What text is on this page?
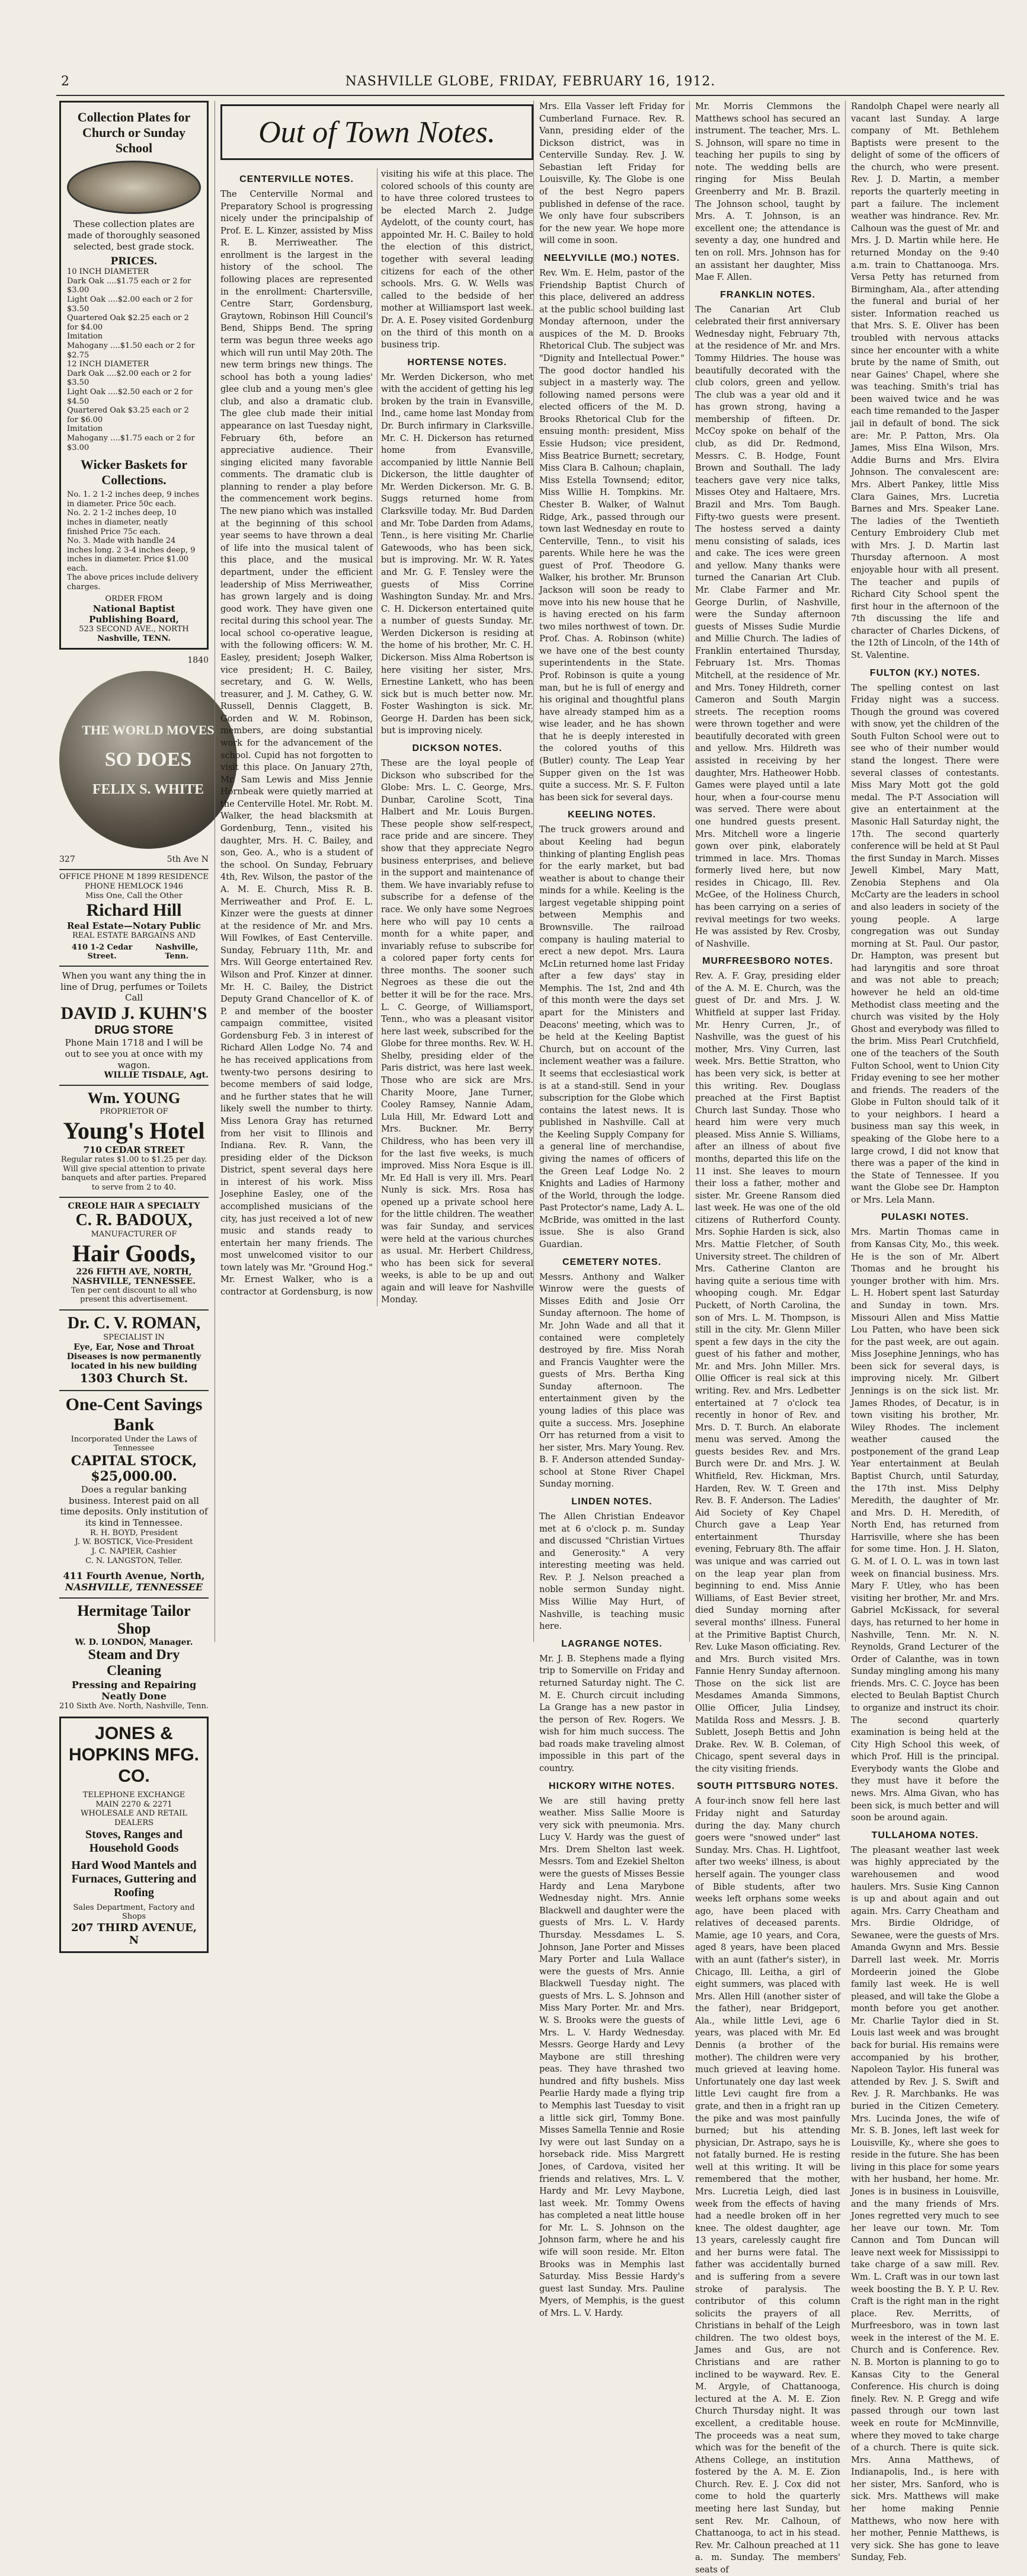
2	NASHVILLE GLOBE, FRIDAY, FEBRUARY 16, 1912.
Collection Plates for Church or Sunday School
These collection plates are made of thoroughly seasoned selected, best grade stock.
PRICES.
10 INCH DIAMETER
Dark Oak ....$1.75 each or 2 for $3.00
Light Oak ....$2.00 each or 2 for $3.50
Quartered Oak $2.25 each or 2 for $4.00
Imitation
Mahogany ....$1.50 each or 2 for $2.75
12 INCH DIAMETER
Dark Oak ....$2.00 each or 2 for $3.50
Light Oak ....$2.50 each or 2 for $4.50
Quartered Oak $3.25 each or 2 for $6.00
Imitation
Mahogany ....$1.75 each or 2 for $3.00
Wicker Baskets for Collections.
No. 1. 2 1-2 inches deep, 9 inches in diameter. Price 50c each.
No. 2. 2 1-2 inches deep, 10 inches in diameter, neatly finished Price 75c each.
No. 3. Made with handle 24 inches long. 2 3-4 inches deep, 9 inches in diameter. Price $1.00 each.
The above prices include delivery charges.
ORDER FROM
National Baptist Publishing Board,
523 SECOND AVE., NORTH
Nashville, TENN.
1840
THE WORLD MOVES
SO DOES
FELIX S. WHITE
327	5th Ave N
OFFICE PHONE M 1899 RESIDENCE PHONE HEMLOCK 1946
Miss One, Call the Other
Richard Hill
Real Estate—Notary Public
REAL ESTATE BARGAINS AND
410 1-2 Cedar Street.
Nashville, Tenn.
When you want any thing the in line of Drug, perfumes or Toilets Call
DAVID J. KUHN'S
DRUG STORE
Phone Main 1718 and I will be out to see you at once with my wagon.
WILLIE TISDALE, Agt.
Wm. YOUNG
PROPRIETOR OF
Young's Hotel
710 CEDAR STREET
Regular rates $1.00 to $1.25 per day. Will give special attention to private banquets and after parties. Prepared to serve from 2 to 40.
CREOLE HAIR A SPECIALTY
C. R. BADOUX,
MANUFACTURER OF
Hair Goods,
226 FIFTH AVE, NORTH,
NASHVILLE, TENNESSEE.
Ten per cent discount to all who present this advertisement.
Dr. C. V. ROMAN,
SPECIALIST IN
Eye, Ear, Nose and Throat Diseases is now permanently located in his new building
1303 Church St.
One-Cent Savings Bank
Incorporated Under the Laws of Tennessee
CAPITAL STOCK, $25,000.00.
Does a regular banking business. Interest paid on all time deposits. Only institution of its kind in Tennessee.
R. H. BOYD, President
J. W. BOSTICK, Vice-President
J. C. NAPIER, Cashier
C. N. LANGSTON, Teller.
411 Fourth Avenue, North,
NASHVILLE, TENNESSEE
Hermitage Tailor Shop
W. D. LONDON, Manager.
Steam and Dry Cleaning
Pressing and Repairing
Neatly Done
210 Sixth Ave. North, Nashville, Tenn.
JONES & HOPKINS MFG. CO.
TELEPHONE EXCHANGE
MAIN 2270 & 2271
WHOLESALE AND RETAIL DEALERS
Stoves, Ranges and Household Goods
Hard Wood Mantels and Furnaces, Guttering and Roofing
Sales Department, Factory and Shops
207 THIRD AVENUE, N
Out of Town Notes.
CENTERVILLE NOTES.

The Centerville Normal and Preparatory School is progressing nicely under the principalship of Prof. E. L. Kinzer, assisted by Miss R. B. Merriweather. The enrollment is the largest in the history of the school. The following places are represented in the enrollment: Chartersville, Centre Starr, Gordensburg, Graytown, Robinson Hill Council's Bend, Shipps Bend. The spring term was begun three weeks ago which will run until May 20th. The new term brings new things. The school has both a young ladies' glee club and a young men's glee club, and also a dramatic club. The glee club made their initial appearance on last Tuesday night, February 6th, before an appreciative audience. Their singing elicited many favorable comments. The dramatic club is planning to render a play before the commencement work begins. The new piano which was installed at the beginning of this school year seems to have thrown a deal of life into the musical talent of this place, and the musical department, under the efficient leadership of Miss Merriweather, has grown largely and is doing good work. They have given one recital during this school year. The local school co-operative league, with the following officers: W. M. Easley, president; Joseph Walker, vice president; H. C. Bailey, secretary, and G. W. Wells, treasurer, and J. M. Cathey, G. W. Russell, Dennis Claggett, B. Gorden and W. M. Robinson, members, are doing substantial work for the advancement of the school. Cupid has not forgotten to visit this place. On January 27th, Mr. Sam Lewis and Miss Jennie Hornbeak were quietly married at the Centerville Hotel. Mr. Robt. M. Walker, the head blacksmith at Gordenburg, Tenn., visited his daughter, Mrs. H. C. Bailey, and son, Geo. A., who is a student of the school. On Sunday, February 4th, Rev. Wilson, the pastor of the A. M. E. Church, Miss R. B. Merriweather and Prof. E. L. Kinzer were the guests at dinner at the residence of Mr. and Mrs. Will Fowlkes, of East Centerville. Sunday, February 11th, Mr. and Mrs. Will George entertained Rev. Wilson and Prof. Kinzer at dinner. Mr. H. C. Bailey, the District Deputy Grand Chancellor of K. of P. and member of the booster campaign committee, visited Gordensburg Feb. 3 in interest of Richard Allen Lodge No. 74 and he has received applications from twenty-two persons desiring to become members of said lodge, and he further states that he will likely swell the number to thirty. Miss Lenora Gray has returned from her visit to Illinois and Indiana. Rev. R. Vann, the presiding elder of the Dickson District, spent several days here in interest of his work. Miss Josephine Easley, one of the accomplished musicians of the city, has just received a lot of new music and stands ready to entertain her many friends. The most unwelcomed visitor to our town lately was Mr. "Ground Hog." Mr. Ernest Walker, who is a contractor at Gordensburg, is now visiting his wife at this place. The colored schools of this county are to have three colored trustees to be elected March 2. Judge Aydelott, of the county court, has appointed Mr. H. C. Bailey to hold the election of this district, together with several leading citizens for each of the other schools. Mrs. G. W. Wells was called to the bedside of her mother at Williamsport last week. Dr. A. E. Posey visited Gordenburg on the third of this month on a business trip.

HORTENSE NOTES.

Mr. Werden Dickerson, who met with the accident of getting his leg broken by the train in Evansville, Ind., came home last Monday from Dr. Burch infirmary in Clarksville. Mr. C. H. Dickerson has returned home from Evansville, accompanied by little Nannie Bell Dickerson, the little daughter of Mr. Werden Dickerson. Mr. G. B. Suggs returned home from Clarksville today. Mr. Bud Darden and Mr. Tobe Darden from Adams, Tenn., is here visiting Mr. Charlie Gatewoods, who has been sick, but is improving. Mr. W. R. Yates and Mr. G. F. Tensley were the guests of Miss Corrine Washington Sunday. Mr. and Mrs. C. H. Dickerson entertained quite a number of guests Sunday. Mr. Werden Dickerson is residing at the home of his brother, Mr. C. H. Dickerson. Miss Alma Robertson is here visiting her sister, Mrs. Ernestine Lankett, who has been sick but is much better now. Mr. Foster Washington is sick. Mr. George H. Darden has been sick, but is improving nicely.

DICKSON NOTES.

These are the loyal people of Dickson who subscribed for the Globe: Mrs. L. C. George, Mrs. Dunbar, Caroline Scott, Tina Halbert and Mr. Louis Burgen. These people show self-respect, race pride and are sincere. They show that they appreciate Negro business enterprises, and believe in the support and maintenance of them. We have invariably refuse to subscribe for a defense of the race. We only have some Negroes here who will pay 10 cents a month for a white paper, and invariably refuse to subscribe for a colored paper forty cents for three months. The sooner such Negroes as these die out the better it will be for the race. Mrs. L. C. George, of Williamsport, Tenn., who was a pleasant visitor here last week, subscribed for the Globe for three months. Rev. W. H. Shelby, presiding elder of the Paris district, was here last week. Those who are sick are Mrs. Charity Moore, Jane Turner, Cooley Ramsey, Nannie Adam, Lula Hill, Mr. Edward Lott and Mrs. Buckner. Mr. Berry Childress, who has been very ill for the last five weeks, is much improved. Miss Nora Esque is ill. Mr. Ed Hall is very ill. Mrs. Pearl Nunly is sick. Mrs. Rosa has opened up a private school here for the little children. The weather was fair Sunday, and services were held at the various churches as usual. Mr. Herbert Childress, who has been sick for several weeks, is able to be up and out again and will leave for Nashville Monday.

Mrs. Ella Vasser left Friday for Cumberland Furnace. Rev. R. Vann, presiding elder of the Dickson district, was in Centerville Sunday. Rev. J. W. Sebastian left Friday for Louisville, Ky. The Globe is one of the best Negro papers published in defense of the race. We only have four subscribers for the new year. We hope more will come in soon.

NEELYVILLE (MO.) NOTES.

Rev. Wm. E. Helm, pastor of the Friendship Baptist Church of this place, delivered an address at the public school building last Monday afternoon, under the auspices of the M. D. Brooks Rhetorical Club. The subject was "Dignity and Intellectual Power." The good doctor handled his subject in a masterly way. The following named persons were elected officers of the M. D. Brooks Rhetorical Club for the ensuing month: president, Miss Essie Hudson; vice president, Miss Beatrice Burnett; secretary, Miss Clara B. Calhoun; chaplain, Miss Estella Townsend; editor, Miss Willie H. Tompkins. Mr. Chester B. Walker, of Walnut Ridge, Ark., passed through our town last Wednesday en route to Centerville, Tenn., to visit his parents. While here he was the guest of Prof. Theodore G. Walker, his brother. Mr. Brunson Jackson will soon be ready to move into his new house that he is having erected on his farm two miles northwest of town. Dr. Prof. Chas. A. Robinson (white) we have one of the best county superintendents in the State. Prof. Robinson is quite a young man, but he is full of energy and his original and thoughtful plans have already stamped him as a wise leader, and he has shown that he is deeply interested in the colored youths of this (Butler) county. The Leap Year Supper given on the 1st was quite a success. Mr. S. F. Fulton has been sick for several days.

KEELING NOTES.

The truck growers around and about Keeling had begun thinking of planting English peas for the early market, but bad weather is about to change their minds for a while. Keeling is the largest vegetable shipping point between Memphis and Brownsville. The railroad company is hauling material to erect a new depot. Mrs. Laura McLin returned home last Friday after a few days' stay in Memphis. The 1st, 2nd and 4th of this month were the days set apart for the Ministers and Deacons' meeting, which was to be held at the Keeling Baptist Church, but on account of the inclement weather was a failure. It seems that ecclesiastical work is at a stand-still. Send in your subscription for the Globe which contains the latest news. It is published in Nashville. Call at the Keeling Supply Company for a general line of merchandise, giving the names of officers of the Green Leaf Lodge No. 2 Knights and Ladies of Harmony of the World, through the lodge. Past Protector's name, Lady A. L. McBride, was omitted in the last issue. She is also Grand Guardian.

CEMETERY NOTES.

Messrs. Anthony and Walker Winrow were the guests of Misses Edith and Josie Orr Sunday afternoon. The home of Mr. John Wade and all that it contained were completely destroyed by fire. Miss Norah and Francis Vaughter were the guests of Mrs. Bertha King Sunday afternoon. The entertainment given by the young ladies of this place was quite a success. Mrs. Josephine Orr has returned from a visit to her sister, Mrs. Mary Young. Rev. B. F. Anderson attended Sunday-school at Stone River Chapel Sunday morning.

LINDEN NOTES.

The Allen Christian Endeavor met at 6 o'clock p. m. Sunday and discussed "Christian Virtues and Generosity." A very interesting meeting was held. Rev. P. J. Nelson preached a noble sermon Sunday night. Miss Willie May Hurt, of Nashville, is teaching music here.

LAGRANGE NOTES.

Mr. J. B. Stephens made a flying trip to Somerville on Friday and returned Saturday night. The C. M. E. Church circuit including La Grange has a new pastor in the person of Rev. Rogers. We wish for him much success. The bad roads make traveling almost impossible in this part of the country.

HICKORY WITHE NOTES.

We are still having pretty weather. Miss Sallie Moore is very sick with pneumonia. Mrs. Lucy V. Hardy was the guest of Mrs. Drem Shelton last week. Messrs. Tom and Ezekiel Shelton were the guests of Misses Bessie Hardy and Lena Marybone Wednesday night. Mrs. Annie Blackwell and daughter were the guests of Mrs. L. V. Hardy Thursday. Messdames L. S. Johnson, Jane Porter and Misses Mary Porter and Lula Wallace were the guests of Mrs. Annie Blackwell Tuesday night. The guests of Mrs. L. S. Johnson and Miss Mary Porter. Mr. and Mrs. W. S. Brooks were the guests of Mrs. L. V. Hardy Wednesday. Messrs. George Hardy and Levy Maybone are still threshing peas. They have thrashed two hundred and fifty bushels. Miss Pearlie Hardy made a flying trip to Memphis last Tuesday to visit a little sick girl, Tommy Bone. Misses Samella Tennie and Rosie Ivy were out last Sunday on a horseback ride. Miss Margrett Jones, of Cardova, visited her friends and relatives, Mrs. L. V. Hardy and Mr. Levy Maybone, last week. Mr. Tommy Owens has completed a neat little house for Mr. L. S. Johnson on the Johnson farm, where he and his wife will soon reside. Mr. Elton Brooks was in Memphis last Saturday. Miss Bessie Hardy's guest last Sunday. Mrs. Pauline Myers, of Memphis, is the guest of Mrs. L. V. Hardy.

Mr. Morris Clemmons the Matthews school has secured an instrument. The teacher, Mrs. L. S. Johnson, will spare no time in teaching her pupils to sing by note. The wedding bells are ringing for Miss Beulah Greenberry and Mr. B. Brazil. The Johnson school, taught by Mrs. A. T. Johnson, is an excellent one; the attendance is seventy a day, one hundred and ten on roll. Mrs. Johnson has for an assistant her daughter, Miss Mae F. Allen.

FRANKLIN NOTES.

The Canarian Art Club celebrated their first anniversary Wednesday night, February 7th, at the residence of Mr. and Mrs. Tommy Hildries. The house was beautifully decorated with the club colors, green and yellow. The club was a year old and it has grown strong, having a membership of fifteen. Dr. McCoy spoke on behalf of the club, as did Dr. Redmond, Messrs. C. B. Hodge, Fount Brown and Southall. The lady teachers gave very nice talks, Misses Otey and Haltaere, Mrs. Brazil and Mrs. Tom Baugh. Fifty-two guests were present. The hostess served a dainty menu consisting of salads, ices and cake. The ices were green and yellow. Many thanks were turned the Canarian Art Club. Mr. Clabe Farmer and Mr. George Durlin, of Nashville, were the Sunday afternoon guests of Misses Sudie Murdie and Millie Church. The ladies of Franklin entertained Thursday, February 1st. Mrs. Thomas Mitchell, at the residence of Mr. and Mrs. Toney Hildreth, corner Cameron and South Margin streets. The reception rooms were thrown together and were beautifully decorated with green and yellow. Mrs. Hildreth was assisted in receiving by her daughter, Mrs. Hatheower Hobb. Games were played until a late hour, when a four-course menu was served. There were about one hundred guests present. Mrs. Mitchell wore a lingerie gown over pink, elaborately trimmed in lace. Mrs. Thomas formerly lived here, but now resides in Chicago, Ill. Rev. McGee, of the Holiness Church, has been carrying on a series of revival meetings for two weeks. He was assisted by Rev. Crosby, of Nashville.

MURFREESBORO NOTES.

Rev. A. F. Gray, presiding elder of the A. M. E. Church, was the guest of Dr. and Mrs. J. W. Whitfield at supper last Friday. Mr. Henry Curren, Jr., of Nashville, was the guest of his mother, Mrs. Viny Curren, last week. Mrs. Bettie Stratton, who has been very sick, is better at this writing. Rev. Douglass preached at the First Baptist Church last Sunday. Those who heard him were very much pleased. Miss Annie S. Williams, after an illness of about five months, departed this life on the 11 inst. She leaves to mourn their loss a father, mother and sister. Mr. Greene Ransom died last week. He was one of the old citizens of Rutherford County. Mrs. Sophie Harden is sick, also Mrs. Mattie Fletcher, of South University street. The children of Mrs. Catherine Clanton are having quite a serious time with whooping cough. Mr. Edgar Puckett, of North Carolina, the son of Mrs. L. M. Thompson, is still in the city. Mr. Glenn Miller spent a few days in the city the guest of his father and mother, Mr. and Mrs. John Miller. Mrs. Ollie Officer is real sick at this writing. Rev. and Mrs. Ledbetter entertained at 7 o'clock tea recently in honor of Rev. and Mrs. D. T. Burch. An elaborate menu was served. Among the guests besides Rev. and Mrs. Burch were Dr. and Mrs. J. W. Whitfield, Rev. Hickman, Mrs. Harden, Rev. W. T. Green and Rev. B. F. Anderson. The Ladies' Aid Society of Key Chapel Church gave a Leap Year entertainment Thursday evening, February 8th. The affair was unique and was carried out on the leap year plan from beginning to end. Miss Annie Williams, of East Bevier street, died Sunday morning after several months' illness. Funeral at the Primitive Baptist Church, Rev. Luke Mason officiating. Rev. and Mrs. Burch visited Mrs. Fannie Henry Sunday afternoon. Those on the sick list are Mesdames Amanda Simmons, Ollie Officer, Julia Lindsey, Matilda Ross and Messrs. J. B. Sublett, Joseph Bettis and John Drake. Rev. W. B. Coleman, of Chicago, spent several days in the city visiting friends.

SOUTH PITTSBURG NOTES.

A four-inch snow fell here last Friday night and Saturday during the day. Many church goers were "snowed under" last Sunday. Mrs. Chas. H. Lightfoot, after two weeks' illness, is about herself again. The younger class of Bible students, after two weeks left orphans some weeks ago, have been placed with relatives of deceased parents. Mamie, age 10 years, and Cora, aged 8 years, have been placed with an aunt (father's sister), in Chicago, Ill. Leitha, a girl of eight summers, was placed with Mrs. Allen Hill (another sister of the father), near Bridgeport, Ala., while little Levi, age 6 years, was placed with Mr. Ed Dennis (a brother of the mother). The children were very much grieved at leaving home. Unfortunately one day last week little Levi caught fire from a grate, and then in a fright ran up the pike and was most painfully burned; but his attending physician, Dr. Astrapo, says he is not fatally burned. He is resting well at this writing. It will be remembered that the mother, Mrs. Lucretia Leigh, died last week from the effects of having had a needle broken off in her knee. The oldest daughter, age 13 years, carelessly caught fire and her burns were fatal. The father was accidentally burned and is suffering from a severe stroke of paralysis. The contributor of this column solicits the prayers of all Christians in behalf of the Leigh children. The two oldest boys, James and Gus, are not Christians and are rather inclined to be wayward. Rev. E. M. Argyle, of Chattanooga, lectured at the A. M. E. Zion Church Thursday night. It was excellent, a creditable house. The proceeds was a neat sum, which was for the benefit of the Athens College, an institution fostered by the A. M. E. Zion Church. Rev. E. J. Cox did not come to hold the quarterly meeting here last Sunday, but sent Rev. Mr. Calhoun, of Chattanooga, to act in his stead. Rev. Mr. Calhoun preached at 11 a. m. Sunday. The members' seats of

Randolph Chapel were nearly all vacant last Sunday. A large company of Mt. Bethlehem Baptists were present to the delight of some of the officers of the church, who were present. Rev. J. D. Martin, a member reports the quarterly meeting in part a failure. The inclement weather was hindrance. Rev. Mr. Calhoun was the guest of Mr. and Mrs. J. D. Martin while here. He returned Monday on the 9:40 a.m. train to Chattanooga. Mrs. Versa Petty has returned from Birmingham, Ala., after attending the funeral and burial of her sister. Information reached us that Mrs. S. E. Oliver has been troubled with nervous attacks since her encounter with a white brute by the name of Smith, out near Gaines' Chapel, where she was teaching. Smith's trial has been waived twice and he was each time remanded to the Jasper jail in default of bond. The sick are: Mr. P. Patton, Mrs. Ola James, Miss Elna Wilson, Mrs. Addie Burns and Mrs. Elvira Johnson. The convalescent are: Mrs. Albert Pankey, little Miss Clara Gaines, Mrs. Lucretia Barnes and Mrs. Speaker Lane. The ladies of the Twentieth Century Embroidery Club met with Mrs. J. D. Martin last Thursday afternoon. A most enjoyable hour with all present. The teacher and pupils of Richard City School spent the first hour in the afternoon of the 7th discussing the life and character of Charles Dickens, of the 12th of Lincoln, of the 14th of St. Valentine.

FULTON (KY.) NOTES.

The spelling contest on last Friday night was a success. Though the ground was covered with snow, yet the children of the South Fulton School were out to see who of their number would stand the longest. There were several classes of contestants. Miss Mary Mott got the gold medal. The P-T Association will give an entertainment at the Masonic Hall Saturday night, the 17th. The second quarterly conference will be held at St Paul the first Sunday in March. Misses Jewell Kimbel, Mary Matt, Zenobia Stephens and Ola McCarty are the leaders in school and also leaders in society of the young people. A large congregation was out Sunday morning at St. Paul. Our pastor, Dr. Hampton, was present but had laryngitis and sore throat and was not able to preach; however he held an old-time Methodist class meeting and the church was visited by the Holy Ghost and everybody was filled to the brim. Miss Pearl Crutchfield, one of the teachers of the South Fulton School, went to Union City Friday evening to see her mother and friends. The readers of the Globe in Fulton should talk of it to your neighbors. I heard a business man say this week, in speaking of the Globe here to a large crowd, I did not know that there was a paper of the kind in the State of Tennessee. If you want the Globe see Dr. Hampton or Mrs. Lela Mann.

PULASKI NOTES.

Mrs. Martin Thomas came in from Kansas City, Mo., this week. He is the son of Mr. Albert Thomas and he brought his younger brother with him. Mrs. L. H. Hobert spent last Saturday and Sunday in town. Mrs. Missouri Allen and Miss Mattie Lou Patten, who have been sick for the past week, are out again. Miss Josephine Jennings, who has been sick for several days, is improving nicely. Mr. Gilbert Jennings is on the sick list. Mr. James Rhodes, of Decatur, is in town visiting his brother, Mr. Wiley Rhodes. The inclement weather caused the postponement of the grand Leap Year entertainment at Beulah Baptist Church, until Saturday, the 17th inst. Miss Delphy Meredith, the daughter of Mr. and Mrs. D. H. Meredith, of North End, has returned from Harrisville, where she has been for some time. Hon. J. H. Slaton, G. M. of I. O. L. was in town last week on financial business. Mrs. Mary F. Utley, who has been visiting her brother, Mr. and Mrs. Gabriel McKissack, for several days, has returned to her home in Nashville, Tenn. Mr. N. N. Reynolds, Grand Lecturer of the Order of Calanthe, was in town Sunday mingling among his many friends. Mrs. C. C. Joyce has been elected to Beulah Baptist Church to organize and instruct its choir. The second quarterly examination is being held at the City High School this week, of which Prof. Hill is the principal. Everybody wants the Globe and they must have it before the news. Mrs. Alma Givan, who has been sick, is much better and will soon be around again.

TULLAHOMA NOTES.

The pleasant weather last week was highly appreciated by the warehousemen and wood haulers. Mrs. Susie King Cannon is up and about again and out again. Mrs. Carry Cheatham and Mrs. Birdie Oldridge, of Sewanee, were the guests of Mrs. Amanda Gwynn and Mrs. Bessie Darrell last week. Mr. Morris Mordeerin joined the Globe family last week. He is well pleased, and will take the Globe a month before you get another. Mr. Charlie Taylor died in St. Louis last week and was brought back for burial. His remains were accompanied by his brother, Napoleon Taylor. His funeral was attended by Rev. J. S. Swift and Rev. J. R. Marchbanks. He was buried in the Citizen Cemetery. Mrs. Lucinda Jones, the wife of Mr. S. B. Jones, left last week for Louisville, Ky., where she goes to reside in the future. She has been living in this place for some years with her husband, her home. Mr. Jones is in business in Louisville, and the many friends of Mrs. Jones regretted very much to see her leave our town. Mr. Tom Cannon and Tom Duncan will leave next week for Mississippi to take charge of a saw mill. Rev. Wm. L. Craft was in our town last week boosting the B. Y. P. U. Rev. Craft is the right man in the right place. Rev. Merritts, of Murfreesboro, was in town last week in the interest of the M. E. Church and is Conference. Rev. N. B. Morton is planning to go to Kansas City to the General Conference. His church is doing finely. Rev. N. P. Gregg and wife passed through our town last week en route for McMinnville, where they moved to take charge of a church. There is quite sick. Mrs. Anna Matthews, of Indianapolis, Ind., is here with her sister, Mrs. Sanford, who is sick. Mrs. Matthews will make her home making Pennie Matthews, who now here with her mother, Pennie Matthews, is very sick. She has gone to leave Sunday, Feb.
